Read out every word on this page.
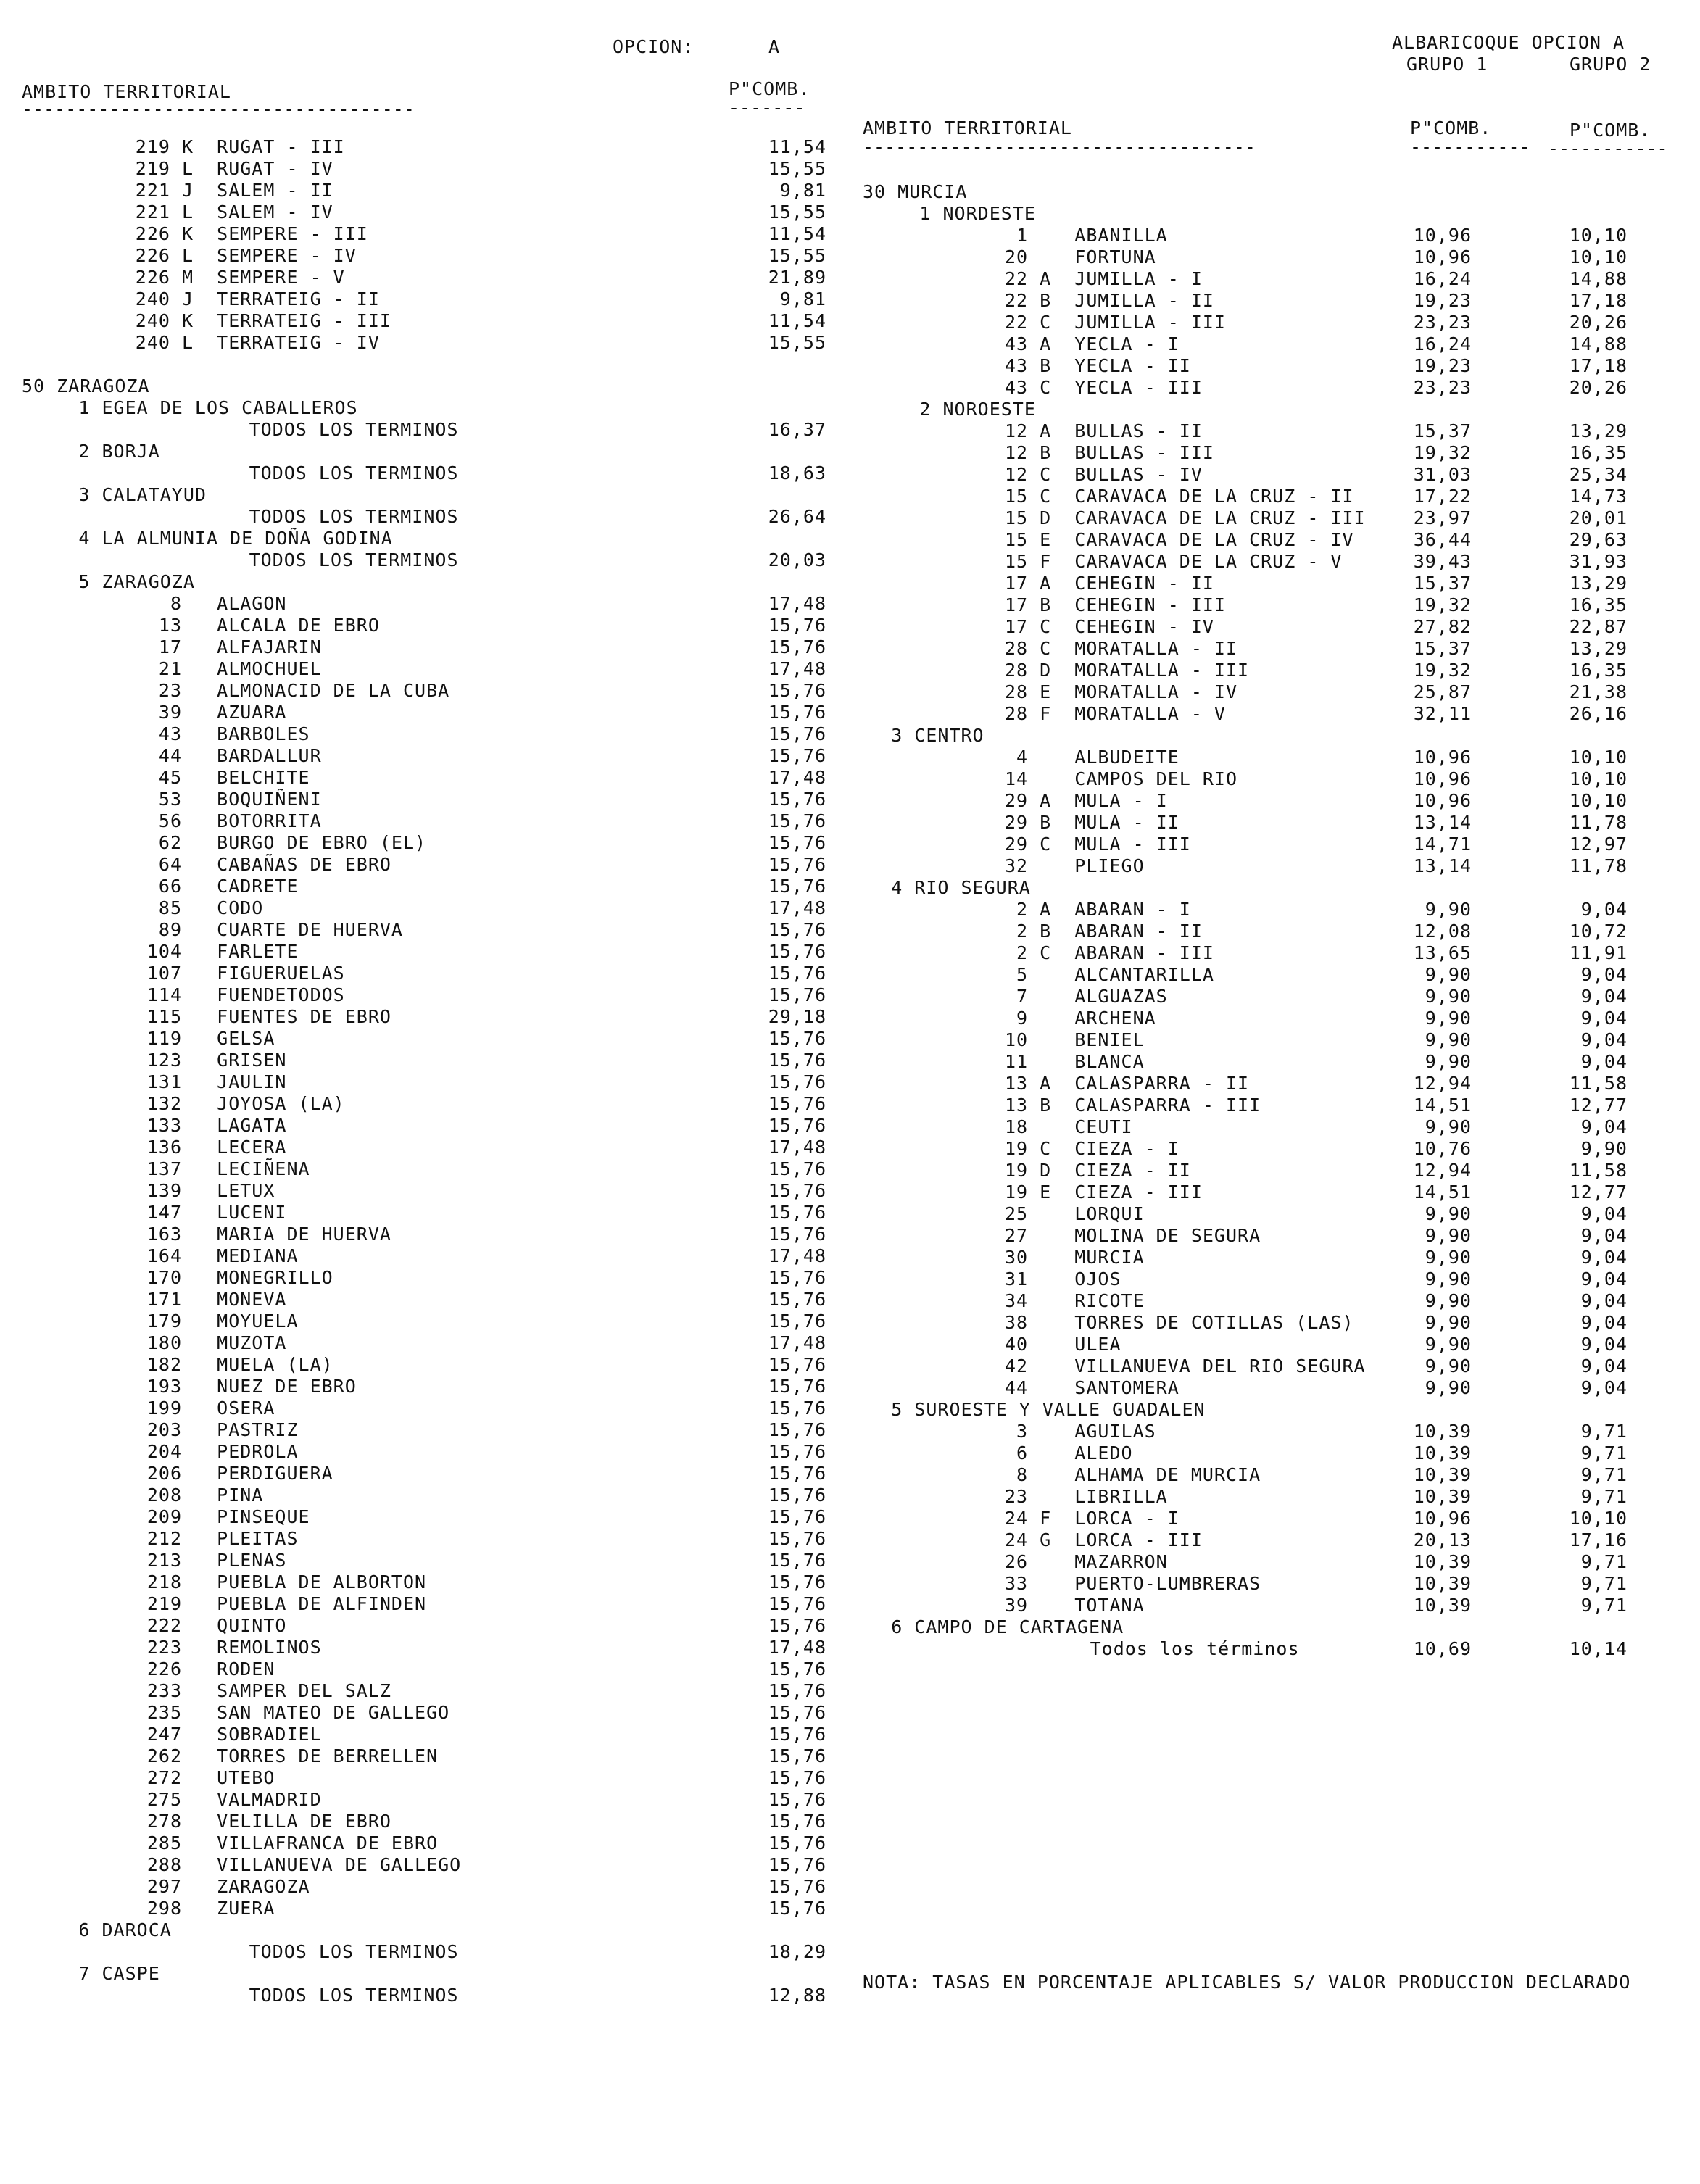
OPCION:	A	ALBARICOQUE OPCION A
GRUPO 1	GRUPO 2
AMBITO TERRITORIAL	P"COMB.
------------------------------------	-------
219 K  RUGAT - III	11,54
219 L  RUGAT - IV	15,55
221 J  SALEM - II	9,81
221 L  SALEM - IV	15,55
226 K  SEMPERE - III	11,54
226 L  SEMPERE - IV	15,55
226 M  SEMPERE - V	21,89
240 J  TERRATEIG - II	9,81
240 K  TERRATEIG - III	11,54
240 L  TERRATEIG - IV	15,55
50 ZARAGOZA
1 EGEA DE LOS CABALLEROS
TODOS LOS TERMINOS	16,37
2 BORJA
TODOS LOS TERMINOS	18,63
3 CALATAYUD
TODOS LOS TERMINOS	26,64
4 LA ALMUNIA DE DOÑA GODINA
TODOS LOS TERMINOS	20,03
5 ZARAGOZA
8   ALAGON	17,48
13   ALCALA DE EBRO	15,76
17   ALFAJARIN	15,76
21   ALMOCHUEL	17,48
23   ALMONACID DE LA CUBA	15,76
39   AZUARA	15,76
43   BARBOLES	15,76
44   BARDALLUR	15,76
45   BELCHITE	17,48
53   BOQUIÑENI	15,76
56   BOTORRITA	15,76
62   BURGO DE EBRO (EL)	15,76
64   CABAÑAS DE EBRO	15,76
66   CADRETE	15,76
85   CODO	17,48
89   CUARTE DE HUERVA	15,76
104   FARLETE	15,76
107   FIGUERUELAS	15,76
114   FUENDETODOS	15,76
115   FUENTES DE EBRO	29,18
119   GELSA	15,76
123   GRISEN	15,76
131   JAULIN	15,76
132   JOYOSA (LA)	15,76
133   LAGATA	15,76
136   LECERA	17,48
137   LECIÑENA	15,76
139   LETUX	15,76
147   LUCENI	15,76
163   MARIA DE HUERVA	15,76
164   MEDIANA	17,48
170   MONEGRILLO	15,76
171   MONEVA	15,76
179   MOYUELA	15,76
180   MUZOTA	17,48
182   MUELA (LA)	15,76
193   NUEZ DE EBRO	15,76
199   OSERA	15,76
203   PASTRIZ	15,76
204   PEDROLA	15,76
206   PERDIGUERA	15,76
208   PINA	15,76
209   PINSEQUE	15,76
212   PLEITAS	15,76
213   PLENAS	15,76
218   PUEBLA DE ALBORTON	15,76
219   PUEBLA DE ALFINDEN	15,76
222   QUINTO	15,76
223   REMOLINOS	17,48
226   RODEN	15,76
233   SAMPER DEL SALZ	15,76
235   SAN MATEO DE GALLEGO	15,76
247   SOBRADIEL	15,76
262   TORRES DE BERRELLEN	15,76
272   UTEBO	15,76
275   VALMADRID	15,76
278   VELILLA DE EBRO	15,76
285   VILLAFRANCA DE EBRO	15,76
288   VILLANUEVA DE GALLEGO	15,76
297   ZARAGOZA	15,76
298   ZUERA	15,76
6 DAROCA
TODOS LOS TERMINOS	18,29
7 CASPE
TODOS LOS TERMINOS	12,88
AMBITO TERRITORIAL	P"COMB.	P"COMB.
------------------------------------	----------- -----------
30 MURCIA
1 NORDESTE
1    ABANILLA	10,96	10,10
20    FORTUNA	10,96	10,10
22 A  JUMILLA - I	16,24	14,88
22 B  JUMILLA - II	19,23	17,18
22 C  JUMILLA - III	23,23	20,26
43 A  YECLA - I	16,24	14,88
43 B  YECLA - II	19,23	17,18
43 C  YECLA - III	23,23	20,26
2 NOROESTE
12 A  BULLAS - II	15,37	13,29
12 B  BULLAS - III	19,32	16,35
12 C  BULLAS - IV	31,03	25,34
15 C  CARAVACA DE LA CRUZ - II	17,22	14,73
15 D  CARAVACA DE LA CRUZ - III	23,97	20,01
15 E  CARAVACA DE LA CRUZ - IV	36,44	29,63
15 F  CARAVACA DE LA CRUZ - V	39,43	31,93
17 A  CEHEGIN - II	15,37	13,29
17 B  CEHEGIN - III	19,32	16,35
17 C  CEHEGIN - IV	27,82	22,87
28 C  MORATALLA - II	15,37	13,29
28 D  MORATALLA - III	19,32	16,35
28 E  MORATALLA - IV	25,87	21,38
28 F  MORATALLA - V	32,11	26,16
3 CENTRO
4    ALBUDEITE	10,96	10,10
14    CAMPOS DEL RIO	10,96	10,10
29 A  MULA - I	10,96	10,10
29 B  MULA - II	13,14	11,78
29 C  MULA - III	14,71	12,97
32    PLIEGO	13,14	11,78
4 RIO SEGURA
2 A  ABARAN - I	9,90	9,04
2 B  ABARAN - II	12,08	10,72
2 C  ABARAN - III	13,65	11,91
5    ALCANTARILLA	9,90	9,04
7    ALGUAZAS	9,90	9,04
9    ARCHENA	9,90	9,04
10    BENIEL	9,90	9,04
11    BLANCA	9,90	9,04
13 A  CALASPARRA - II	12,94	11,58
13 B  CALASPARRA - III	14,51	12,77
18    CEUTI	9,90	9,04
19 C  CIEZA - I	10,76	9,90
19 D  CIEZA - II	12,94	11,58
19 E  CIEZA - III	14,51	12,77
25    LORQUI	9,90	9,04
27    MOLINA DE SEGURA	9,90	9,04
30    MURCIA	9,90	9,04
31    OJOS	9,90	9,04
34    RICOTE	9,90	9,04
38    TORRES DE COTILLAS (LAS)	9,90	9,04
40    ULEA	9,90	9,04
42    VILLANUEVA DEL RIO SEGURA	9,90	9,04
44    SANTOMERA	9,90	9,04
5 SUROESTE Y VALLE GUADALEN
3    AGUILAS	10,39	9,71
6    ALEDO	10,39	9,71
8    ALHAMA DE MURCIA	10,39	9,71
23    LIBRILLA	10,39	9,71
24 F  LORCA - I	10,96	10,10
24 G  LORCA - III	20,13	17,16
26    MAZARRON	10,39	9,71
33    PUERTO-LUMBRERAS	10,39	9,71
39    TOTANA	10,39	9,71
6 CAMPO DE CARTAGENA
Todos los términos	10,69	10,14
NOTA: TASAS EN PORCENTAJE APLICABLES S/ VALOR PRODUCCION DECLARADO
